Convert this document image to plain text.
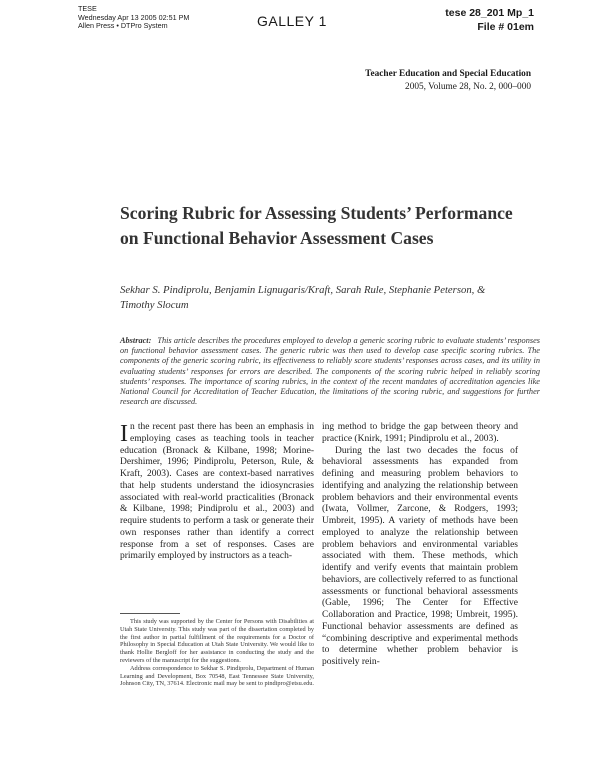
TESE
Wednesday Apr 13 2005 02:51 PM
Allen Press • DTPro System	GALLEY 1	tese 28_201 Mp_1
File # 01em
Teacher Education and Special Education
2005, Volume 28, No. 2, 000–000
Scoring Rubric for Assessing Students’ Performance on Functional Behavior Assessment Cases

Sekhar S. Pindiprolu, Benjamin Lignugaris/Kraft, Sarah Rule, Stephanie Peterson, & Timothy Slocum

Abstract: This article describes the procedures employed to develop a generic scoring rubric to evaluate students’ responses on functional behavior assessment cases. The generic rubric was then used to develop case specific scoring rubrics. The components of the generic scoring rubric, its effectiveness to reliably score students’ responses across cases, and its utility in evaluating students’ responses for errors are described. The components of the scoring rubric helped in reliably scoring students’ responses. The importance of scoring rubrics, in the context of the recent mandates of accreditation agencies like National Council for Accreditation of Teacher Education, the limitations of the scoring rubric, and suggestions for further research are discussed.

In the recent past there has been an emphasis in employing cases as teaching tools in teacher education (Bronack & Kilbane, 1998; Morine-Dershimer, 1996; Pindiprolu, Peterson, Rule, & Kraft, 2003). Cases are context-based narratives that help students understand the idiosyncrasies associated with real-world practicalities (Bronack & Kilbane, 1998; Pindiprolu et al., 2003) and require students to perform a task or generate their own responses rather than identify a correct response from a set of responses. Cases are primarily employed by instructors as a teach-

ing method to bridge the gap between theory and practice (Knirk, 1991; Pindiprolu et al., 2003).

During the last two decades the focus of behavioral assessments has expanded from defining and measuring problem behaviors to identifying and analyzing the relationship between problem behaviors and their environmental events (Iwata, Vollmer, Zarcone, & Rodgers, 1993; Umbreit, 1995). A variety of methods have been employed to analyze the relationship between problem behaviors and environmental variables associated with them. These methods, which identify and verify events that maintain problem behaviors, are collectively referred to as functional assessments or functional behavioral assessments (Gable, 1996; The Center for Effective Collaboration and Practice, 1998; Umbreit, 1995). Functional behavior assessments are defined as “combining descriptive and experimental methods to determine whether problem behavior is positively rein-

This study was supported by the Center for Persons with Disabilities at Utah State University. This study was part of the dissertation completed by the first author in partial fulfillment of the requirements for a Doctor of Philosophy in Special Education at Utah State University. We would like to thank Hollie Bergloff for her assistance in conducting the study and the reviewers of the manuscript for the suggestions.

Address correspondence to Sekhar S. Pindiprolu, Department of Human Learning and Development, Box 70548, East Tennessee State University, Johnson City, TN, 37614. Electronic mail may be sent to pindipro@etsu.edu.
